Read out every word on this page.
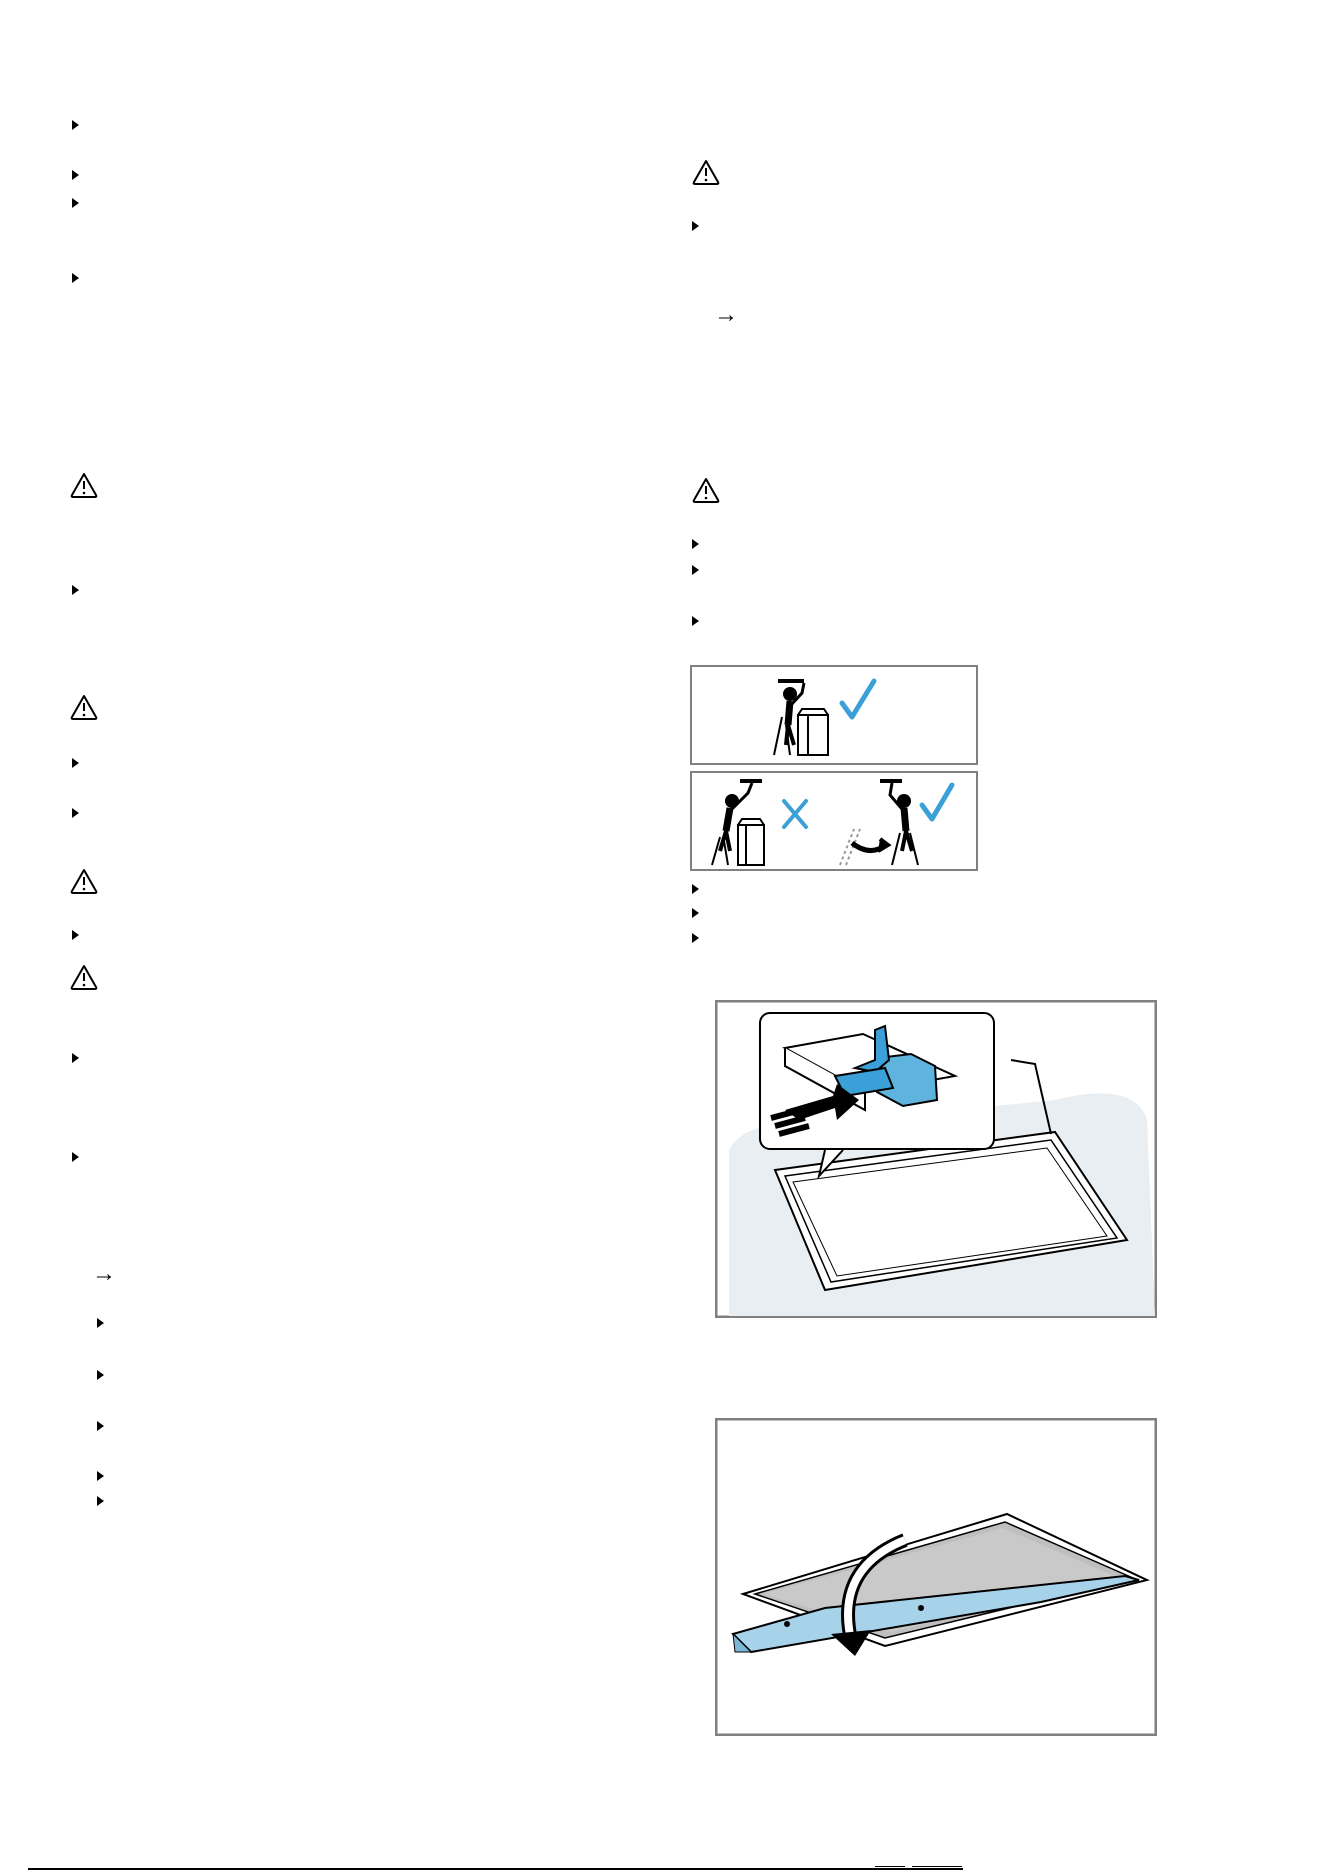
→
→
